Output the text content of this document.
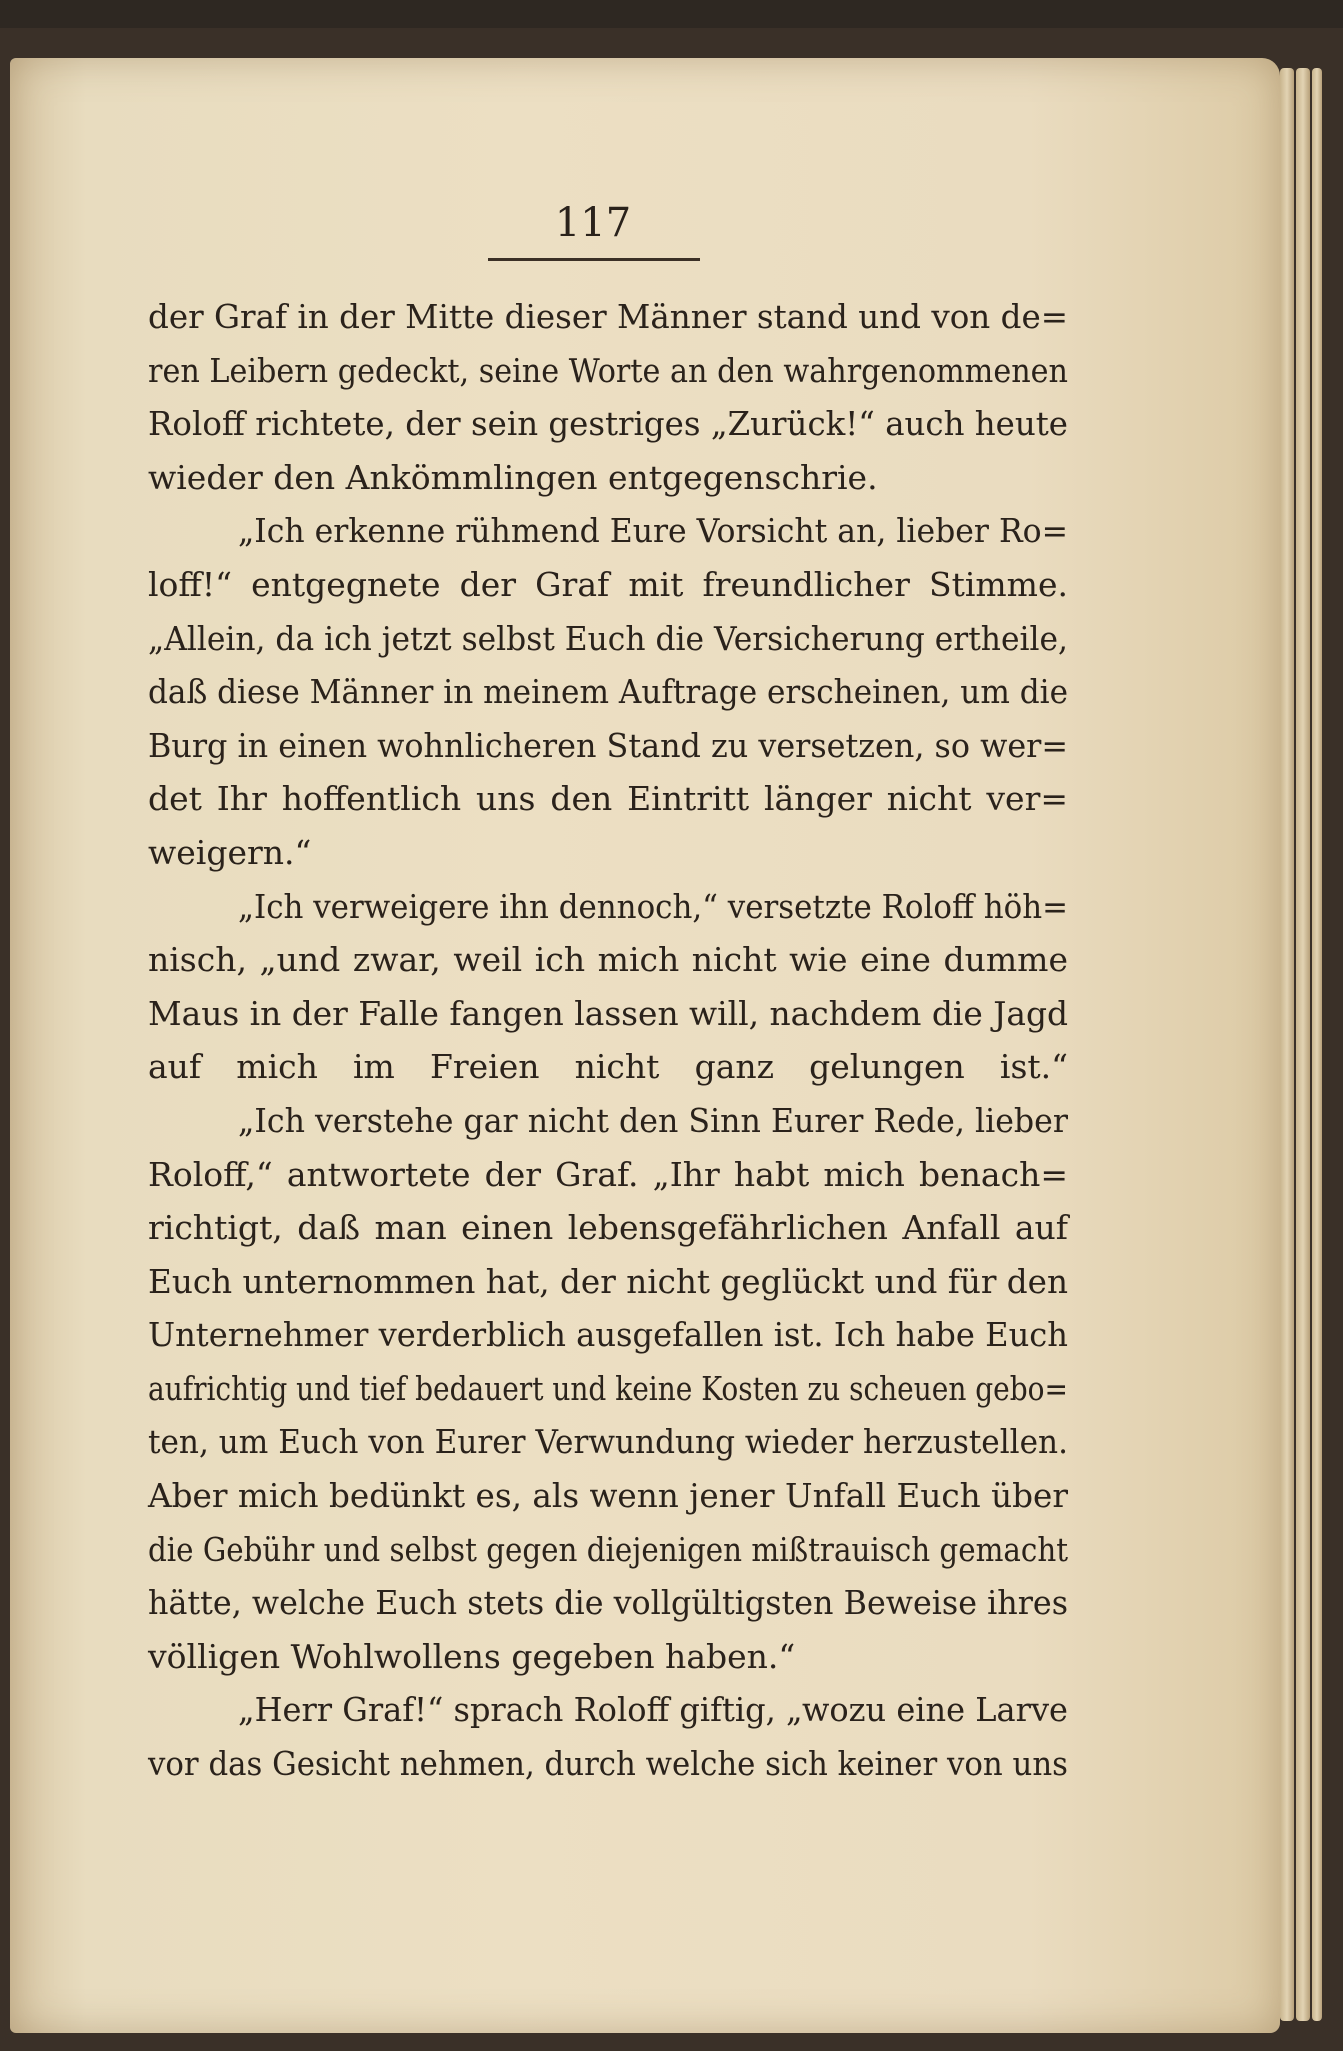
117
der Graf in der Mitte dieser Männer stand und von de=
ren Leibern gedeckt, seine Worte an den wahrgenommenen
Roloff richtete, der sein gestriges „Zurück!“ auch heute
wieder den Ankömmlingen entgegenschrie.
„Ich erkenne rühmend Eure Vorsicht an, lieber Ro=
loff!“ entgegnete der Graf mit freundlicher Stimme.
„Allein, da ich jetzt selbst Euch die Versicherung ertheile,
daß diese Männer in meinem Auftrage erscheinen, um die
Burg in einen wohnlicheren Stand zu versetzen, so wer=
det Ihr hoffentlich uns den Eintritt länger nicht ver=
weigern.“
„Ich verweigere ihn dennoch,“ versetzte Roloff höh=
nisch, „und zwar, weil ich mich nicht wie eine dumme
Maus in der Falle fangen lassen will, nachdem die Jagd
auf mich im Freien nicht ganz gelungen ist.“
„Ich verstehe gar nicht den Sinn Eurer Rede, lieber
Roloff,“ antwortete der Graf. „Ihr habt mich benach=
richtigt, daß man einen lebensgefährlichen Anfall auf
Euch unternommen hat, der nicht geglückt und für den
Unternehmer verderblich ausgefallen ist. Ich habe Euch
aufrichtig und tief bedauert und keine Kosten zu scheuen gebo=
ten, um Euch von Eurer Verwundung wieder herzustellen.
Aber mich bedünkt es, als wenn jener Unfall Euch über
die Gebühr und selbst gegen diejenigen mißtrauisch gemacht
hätte, welche Euch stets die vollgültigsten Beweise ihres
völligen Wohlwollens gegeben haben.“
„Herr Graf!“ sprach Roloff giftig, „wozu eine Larve
vor das Gesicht nehmen, durch welche sich keiner von uns
